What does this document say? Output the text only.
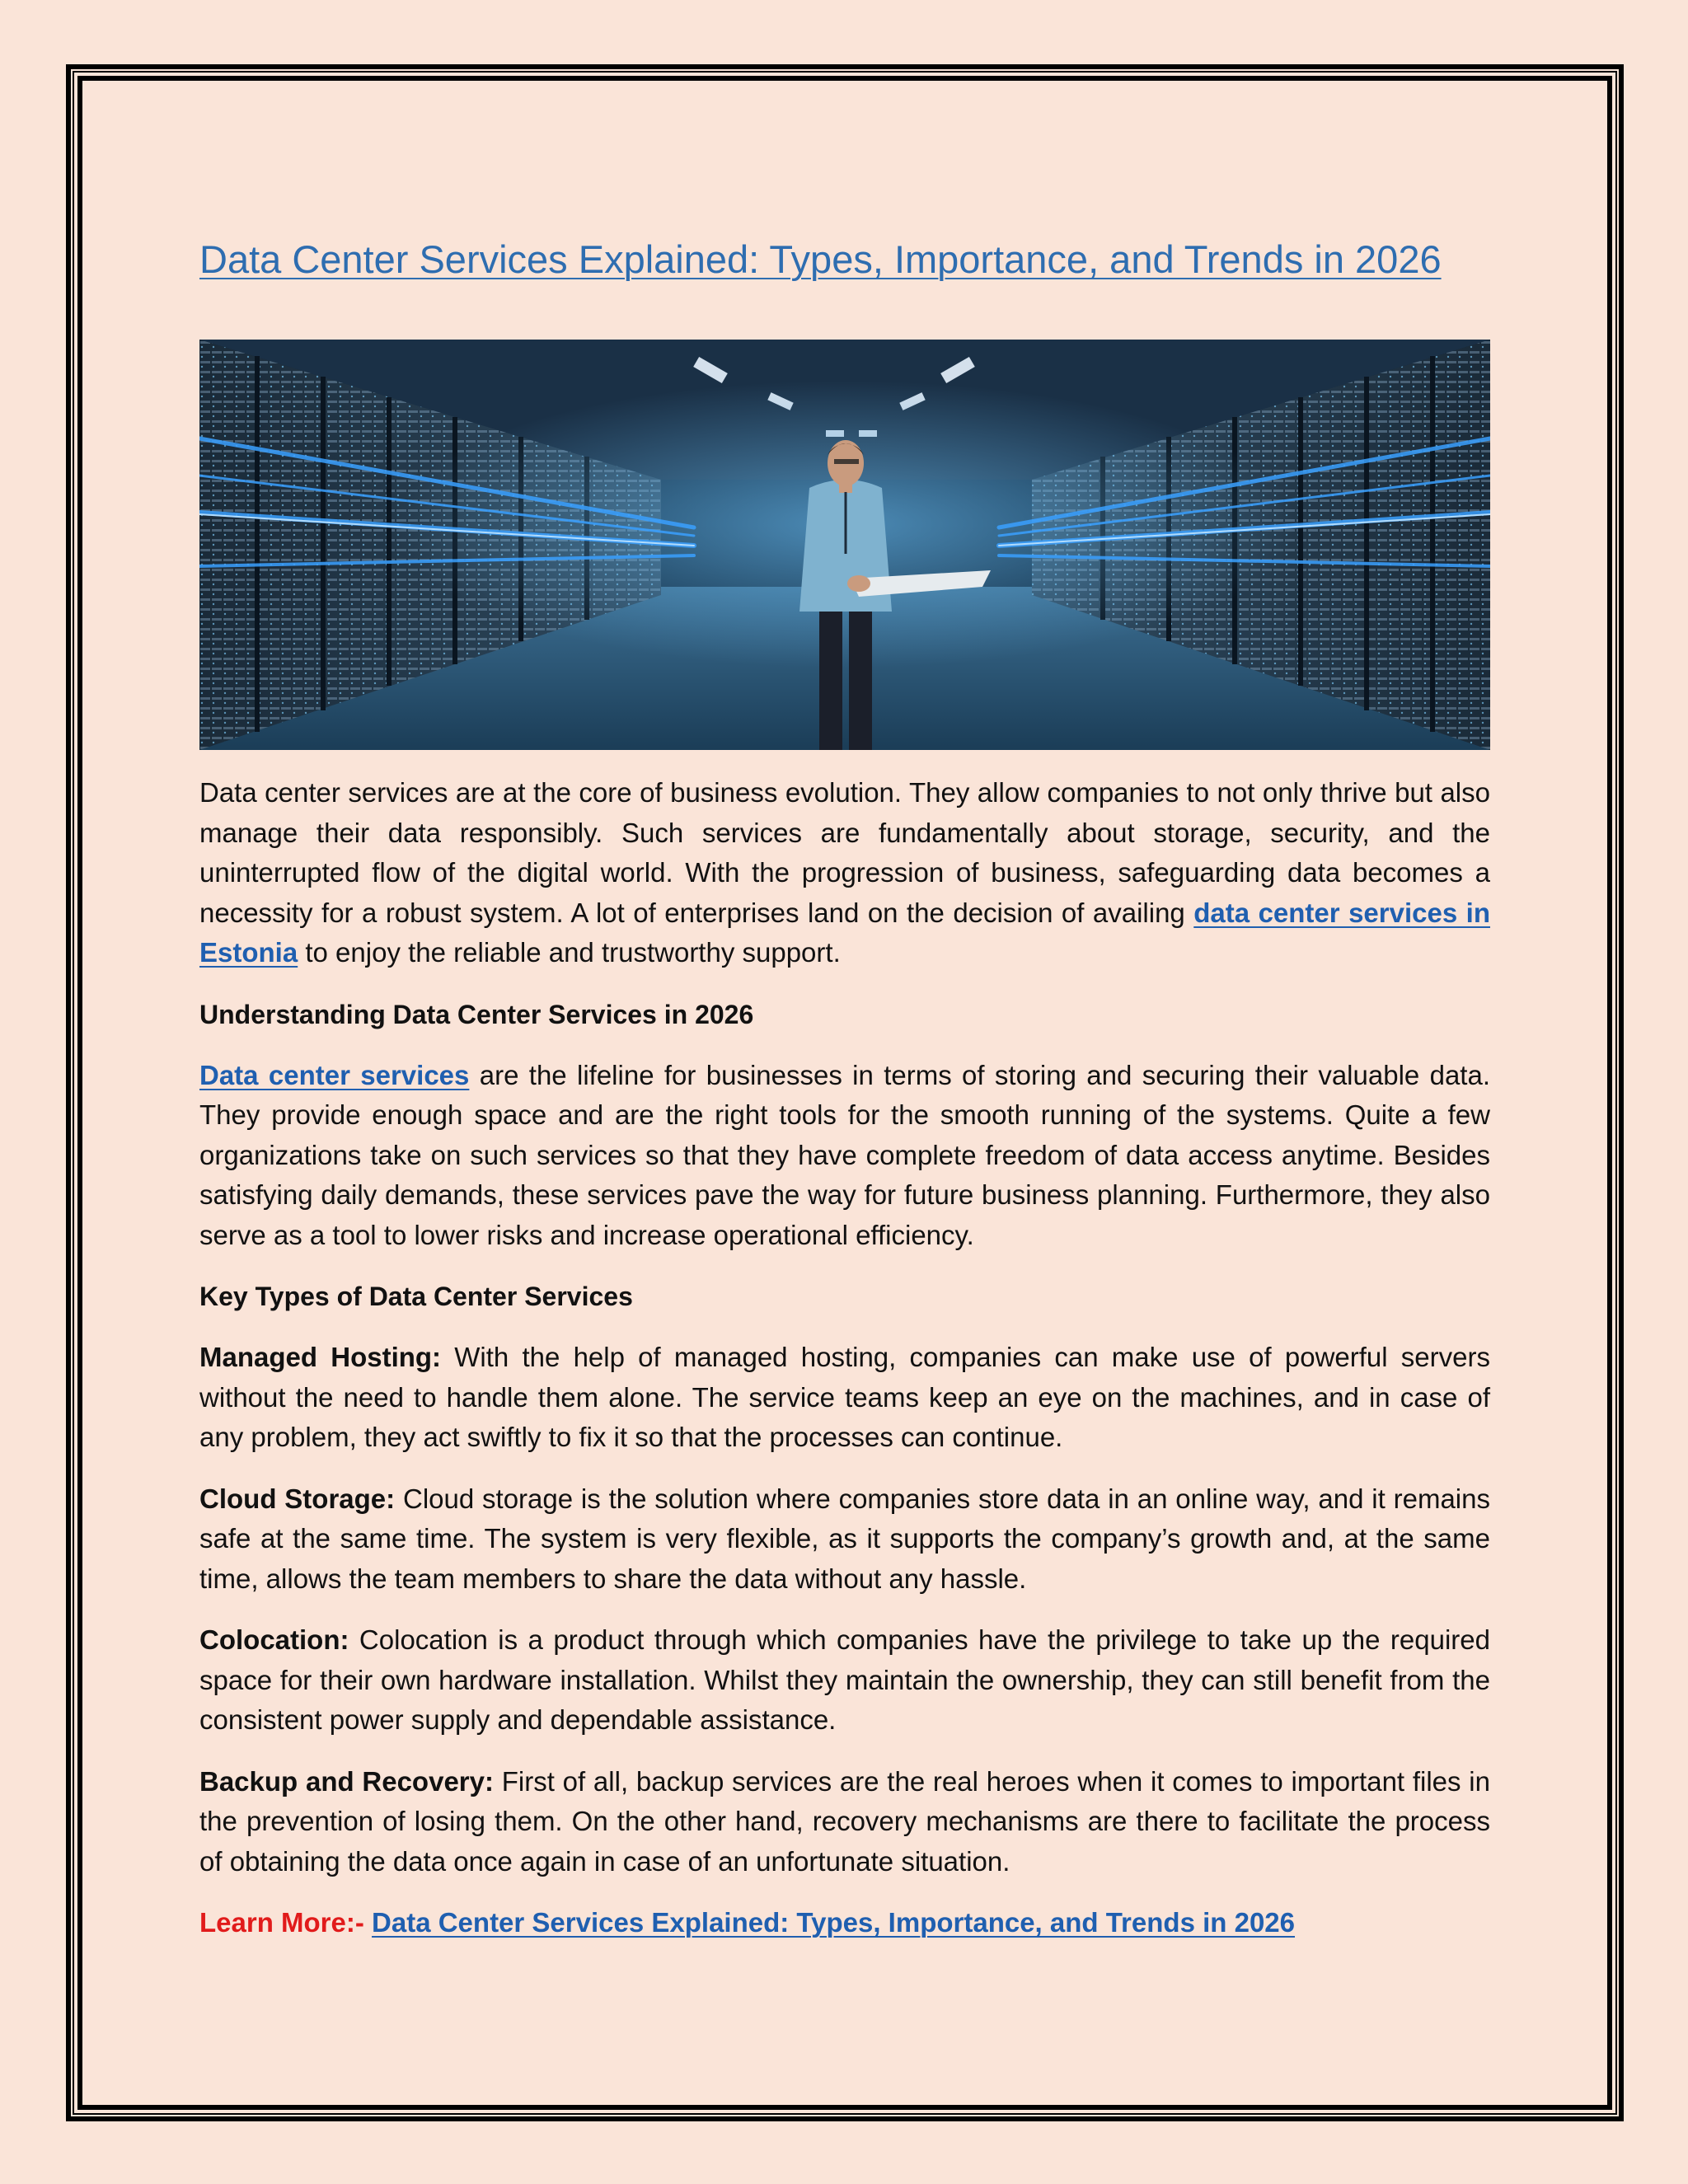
Data Center Services Explained: Types, Importance, and Trends in 2026

Data center services are at the core of business evolution. They allow companies to not only thrive but also manage their data responsibly. Such services are fundamentally about storage, security, and the uninterrupted flow of the digital world. With the progression of business, safeguarding data becomes a necessity for a robust system. A lot of enterprises land on the decision of availing data center services in Estonia to enjoy the reliable and trustworthy support.

Understanding Data Center Services in 2026

Data center services are the lifeline for businesses in terms of storing and securing their valuable data. They provide enough space and are the right tools for the smooth running of the systems. Quite a few organizations take on such services so that they have complete freedom of data access anytime. Besides satisfying daily demands, these services pave the way for future business planning. Furthermore, they also serve as a tool to lower risks and increase operational efficiency.

Key Types of Data Center Services

Managed Hosting: With the help of managed hosting, companies can make use of powerful servers without the need to handle them alone. The service teams keep an eye on the machines, and in case of any problem, they act swiftly to fix it so that the processes can continue.

Cloud Storage: Cloud storage is the solution where companies store data in an online way, and it remains safe at the same time. The system is very flexible, as it supports the company’s growth and, at the same time, allows the team members to share the data without any hassle.

Colocation: Colocation is a product through which companies have the privilege to take up the required space for their own hardware installation. Whilst they maintain the ownership, they can still benefit from the consistent power supply and dependable assistance.

Backup and Recovery: First of all, backup services are the real heroes when it comes to important files in the prevention of losing them. On the other hand, recovery mechanisms are there to facilitate the process of obtaining the data once again in case of an unfortunate situation.

Learn More:- Data Center Services Explained: Types, Importance, and Trends in 2026
